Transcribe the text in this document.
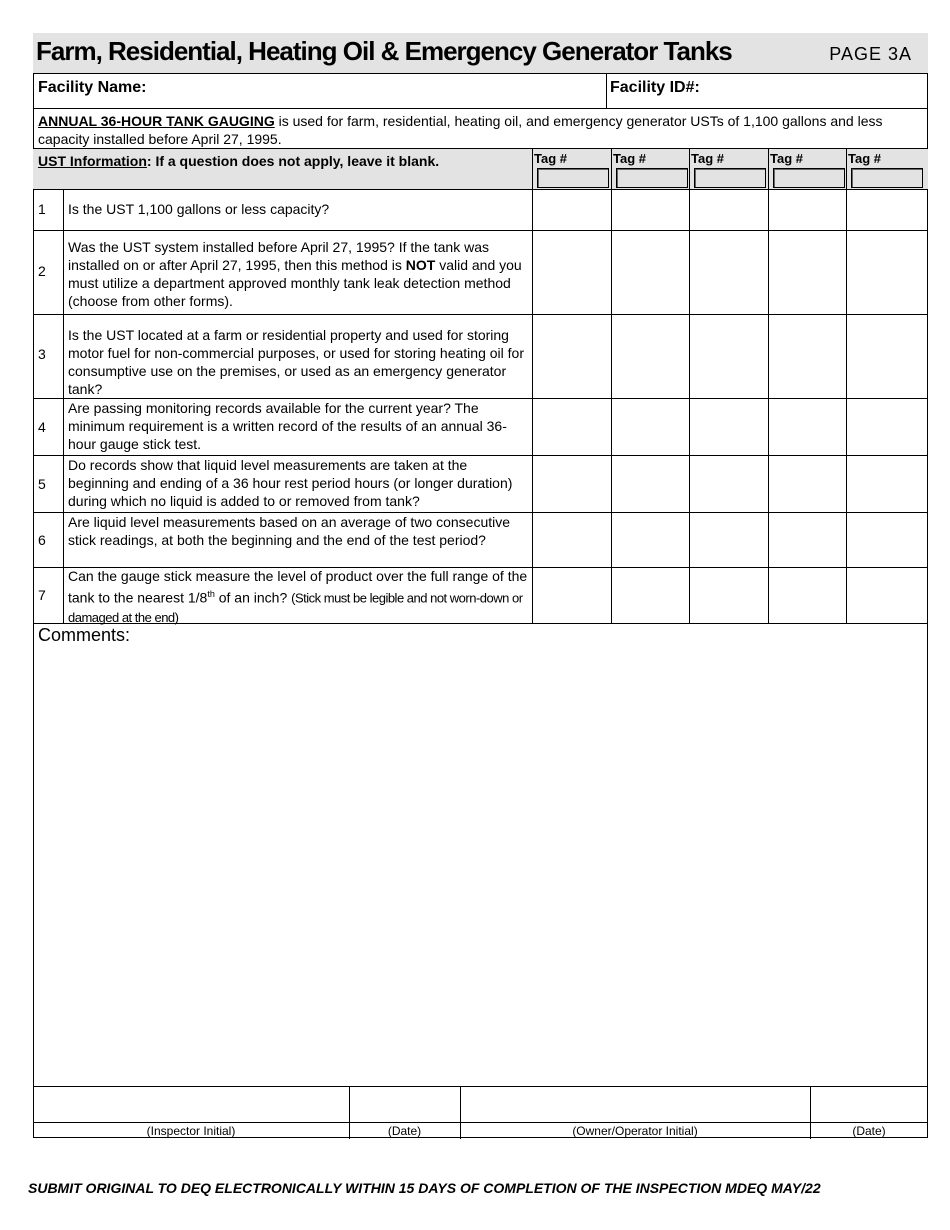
Farm, Residential, Heating Oil & Emergency Generator Tanks	PAGE 3A
Facility Name:	Facility ID#:
ANNUAL 36-HOUR TANK GAUGING is used for farm, residential, heating oil, and emergency generator USTs of 1,100 gallons and less capacity installed before April 27, 1995.
UST Information: If a question does not apply, leave it blank.	Tag #	Tag #	Tag #	Tag #	Tag #
1 Is the UST 1,100 gallons or less capacity?
2
Was the UST system installed before April 27, 1995? If the tank was installed on or after April 27, 1995, then this method is NOT valid and you must utilize a department approved monthly tank leak detection method (choose from other forms).
3
Is the UST located at a farm or residential property and used for storing motor fuel for non-commercial purposes, or used for storing heating oil for consumptive use on the premises, or used as an emergency generator tank?
4
Are passing monitoring records available for the current year? The minimum requirement is a written record of the results of an annual 36-hour gauge stick test.
5
Do records show that liquid level measurements are taken at the beginning and ending of a 36 hour rest period hours (or longer duration) during which no liquid is added to or removed from tank?
6
Are liquid level measurements based on an average of two consecutive stick readings, at both the beginning and the end of the test period?
7
Can the gauge stick measure the level of product over the full range of the tank to the nearest 1/8th of an inch? (Stick must be legible and not worn-down or damaged at the end)
Comments:
(Inspector Initial)	(Date)	(Owner/Operator Initial)	(Date)
SUBMIT ORIGINAL TO DEQ ELECTRONICALLY WITHIN 15 DAYS OF COMPLETION OF THE INSPECTION MDEQ MAY/22
